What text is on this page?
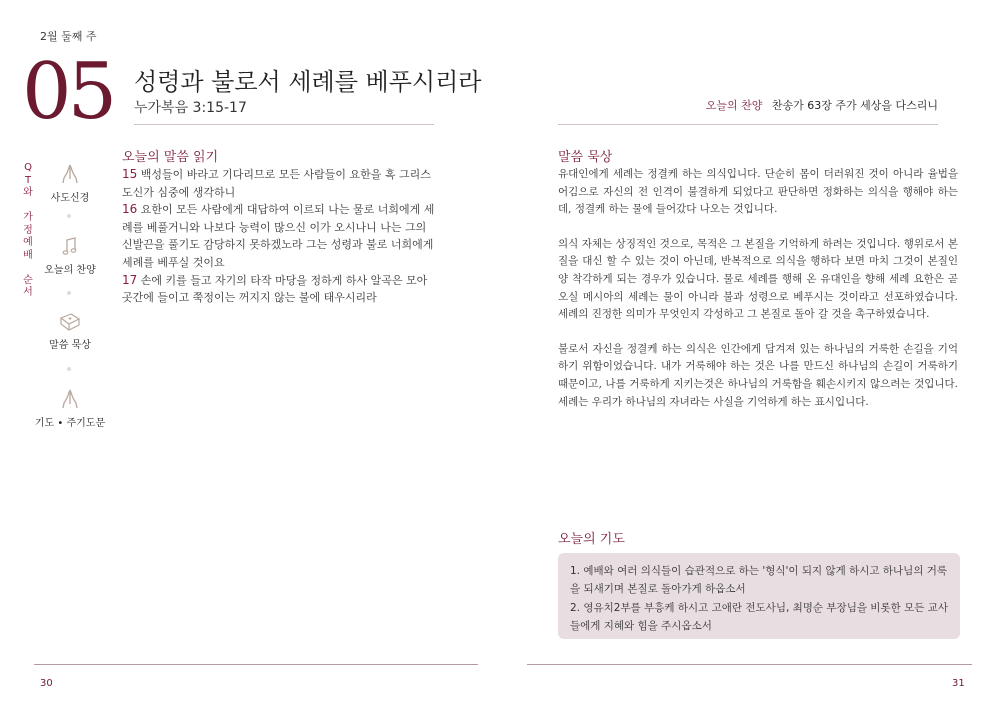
2월 둘째 주
05 성령과 불로서 세례를 베푸시리라
누가복음 3:15-17	오늘의 찬양 찬송가 63장 주가 세상을 다스리니
Q
T
와

가
정
예
배

순
서
사도신경
오늘의 찬양
말씀 묵상
기도 • 주기도문
오늘의 말씀 읽기
15 백성들이 바라고 기다리므로 모든 사람들이 요한을 혹 그리스도신가 심중에 생각하니
16 요한이 모든 사람에게 대답하여 이르되 나는 물로 너희에게 세례를 베풀거니와 나보다 능력이 많으신 이가 오시나니 나는 그의 신발끈을 풀기도 감당하지 못하겠노라 그는 성령과 불로 너희에게 세례를 베푸실 것이요
17 손에 키를 들고 자기의 타작 마당을 정하게 하사 알곡은 모아 곳간에 들이고 쭉정이는 꺼지지 않는 불에 태우시리라
말씀 묵상

유대인에게 세례는 정결케 하는 의식입니다. 단순히 몸이 더러워진 것이 아니라 율법을 어김으로 자신의 전 인격이 불결하게 되었다고 판단하면 정화하는 의식을 행해야 하는데, 정결케 하는 물에 들어갔다 나오는 것입니다.

의식 자체는 상징적인 것으로, 목적은 그 본질을 기억하게 하려는 것입니다. 행위로서 본질을 대신 할 수 있는 것이 아닌데, 반복적으로 의식을 행하다 보면 마치 그것이 본질인양 착각하게 되는 경우가 있습니다. 물로 세례를 행해 온 유대인을 향해 세례 요한은 곧 오실 메시아의 세례는 물이 아니라 불과 성령으로 베푸시는 것이라고 선포하였습니다. 세례의 진정한 의미가 무엇인지 각성하고 그 본질로 돌아 갈 것을 촉구하였습니다.

불로서 자신을 정결케 하는 의식은 인간에게 담겨져 있는 하나님의 거룩한 손길을 기억하기 위함이었습니다. 내가 거룩해야 하는 것은 나를 만드신 하나님의 손길이 거룩하기 때문이고, 나를 거룩하게 지키는것은 하나님의 거룩함을 훼손시키지 않으려는 것입니다. 세례는 우리가 하나님의 자녀라는 사실을 기억하게 하는 표시입니다.

오늘의 기도
1. 예배와 여러 의식들이 습관적으로 하는 '형식'이 되지 않게 하시고 하나님의 거룩을 되새기며 본질로 돌아가게 하옵소서
2. 영유치2부를 부흥케 하시고 고애란 전도사님, 최명순 부장님을 비롯한 모든 교사들에게 지혜와 힘을 주시옵소서
30	31
